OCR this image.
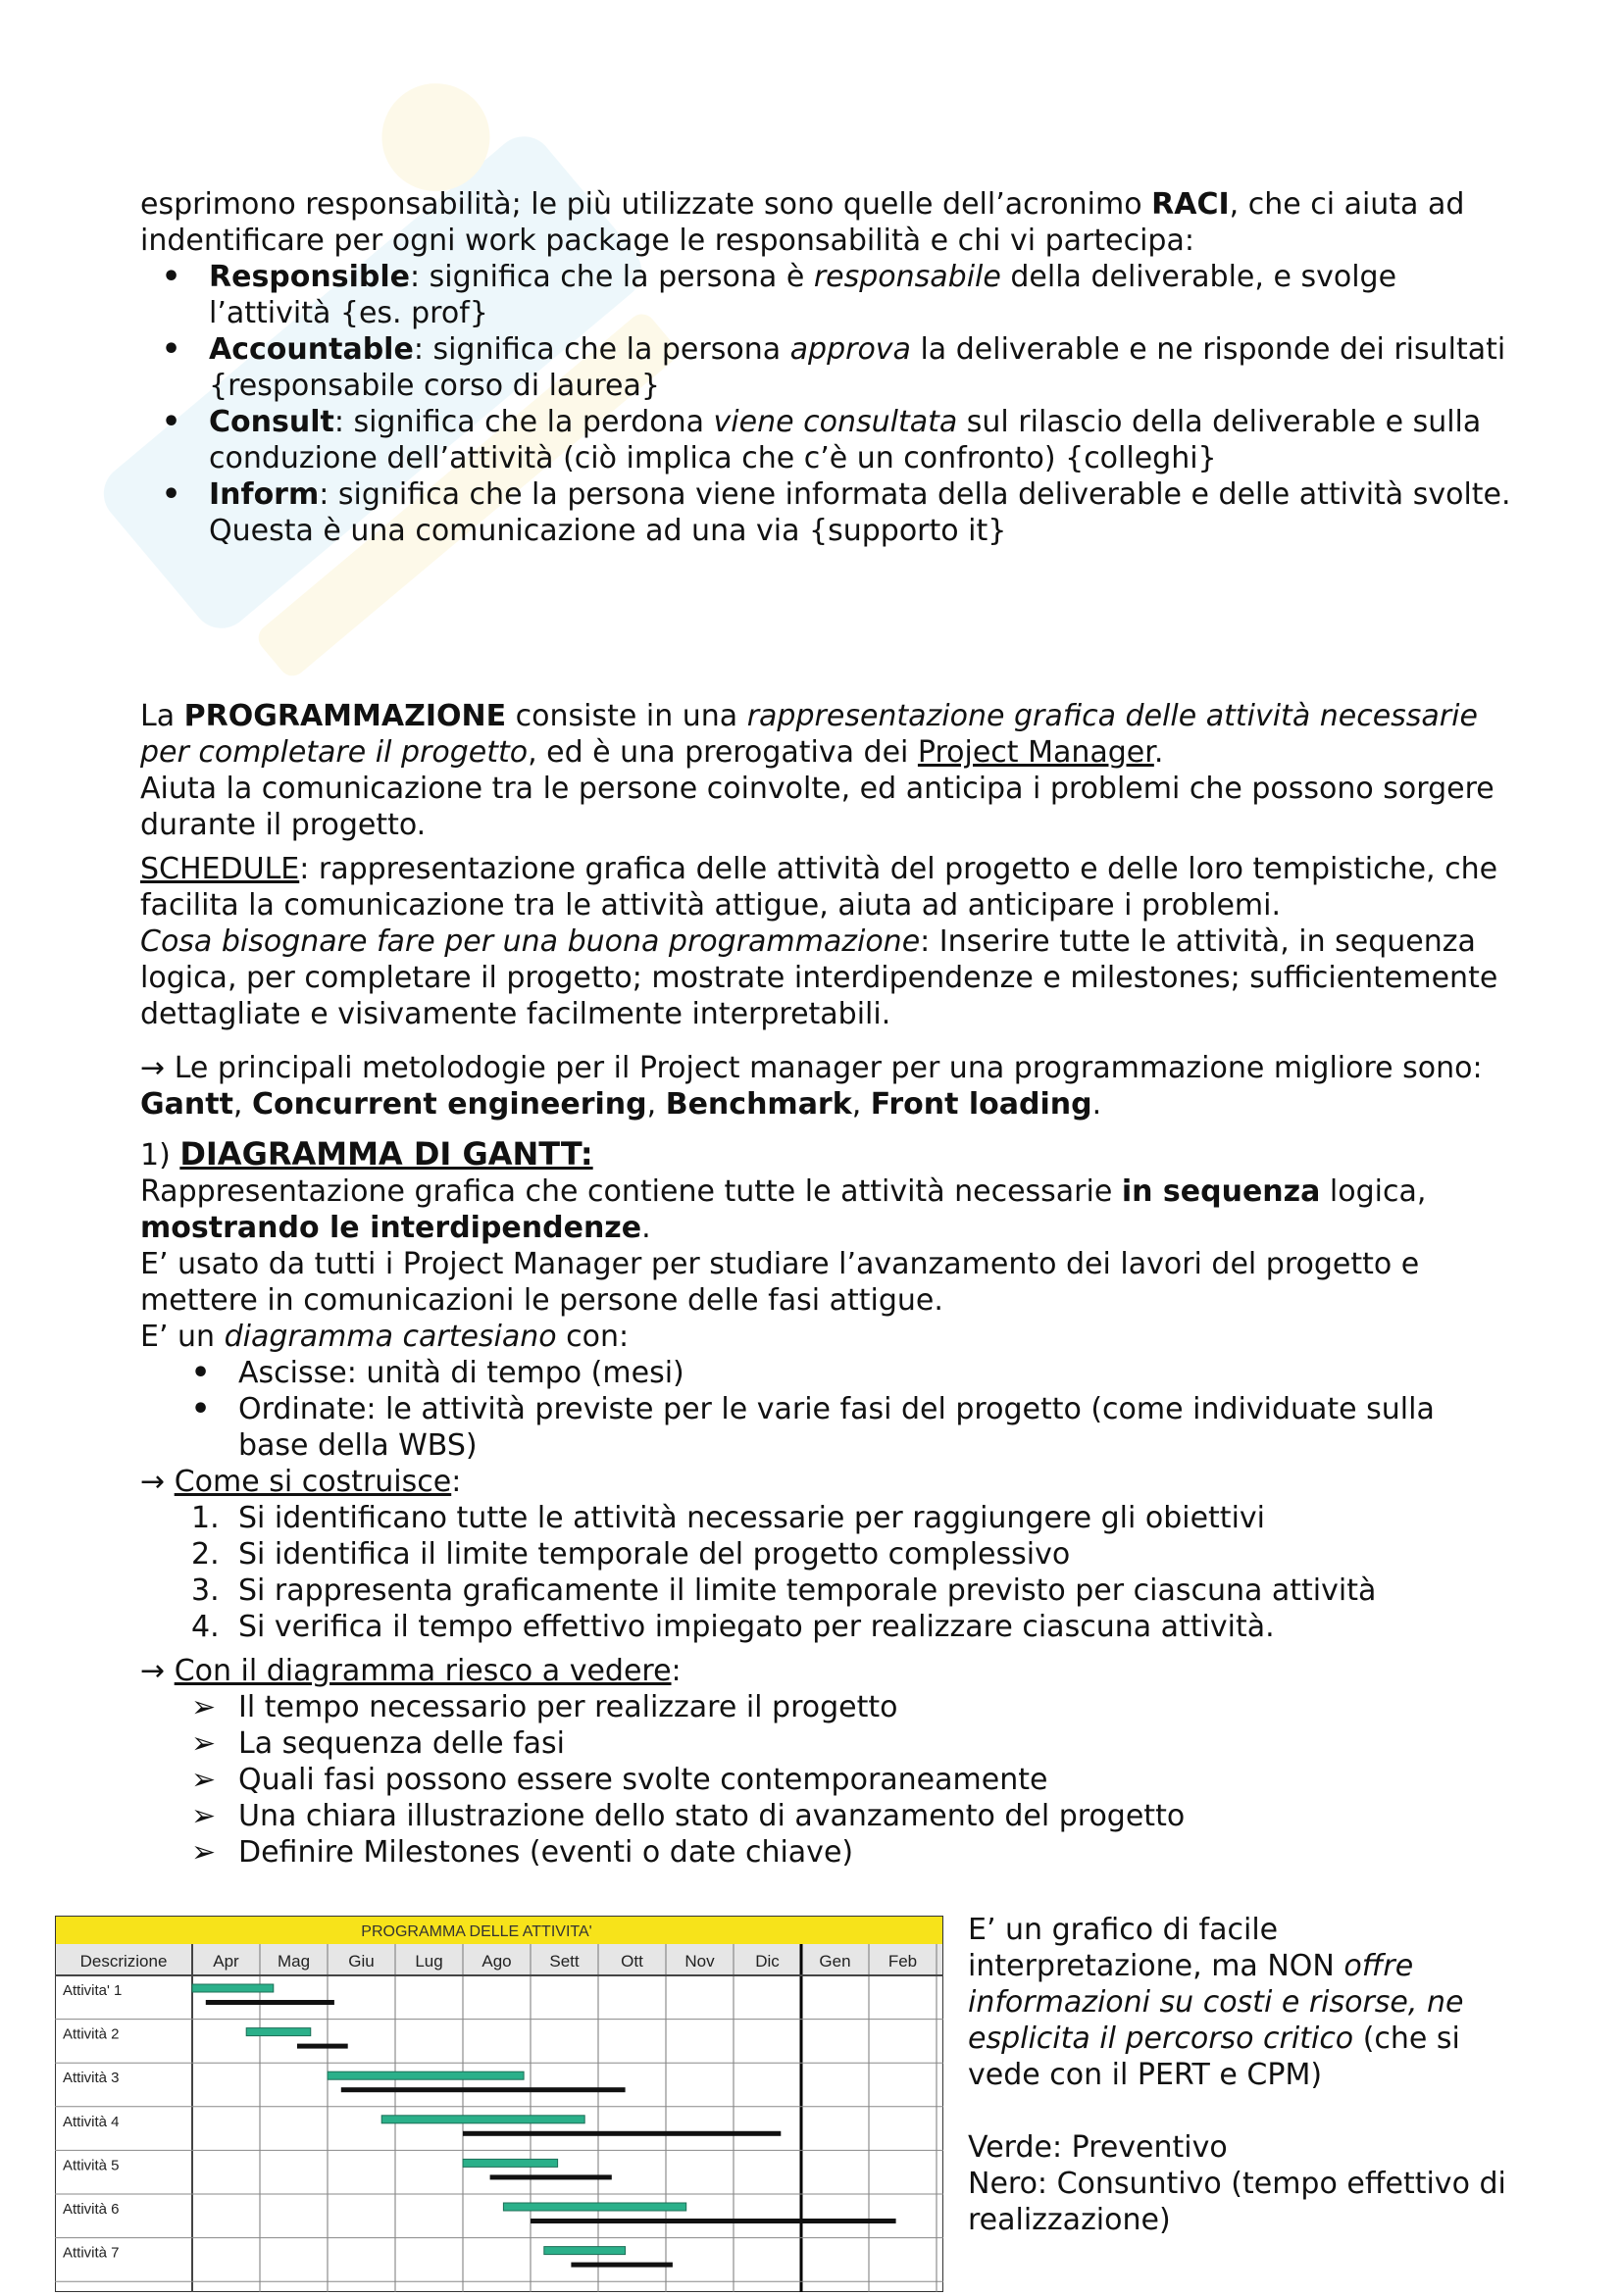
esprimono responsabilità; le più utilizzate sono quelle dell’acronimo RACI, che ci aiuta ad indentificare per ogni work package le responsabilità e chi vi partecipa:

• Responsible: significa che la persona è responsabile della deliverable, e svolge l’attività {es. prof}
• Accountable: significa che la persona approva la deliverable e ne risponde dei risultati {responsabile corso di laurea}
• Consult: significa che la perdona viene consultata sul rilascio della deliverable e sulla conduzione dell’attività (ciò implica che c’è un confronto) {colleghi}
• Inform: significa che la persona viene informata della deliverable e delle attività svolte. Questa è una comunicazione ad una via {supporto it}

La PROGRAMMAZIONE consiste in una rappresentazione grafica delle attività necessarie per completare il progetto, ed è una prerogativa dei Project Manager.

Aiuta la comunicazione tra le persone coinvolte, ed anticipa i problemi che possono sorgere durante il progetto.

SCHEDULE: rappresentazione grafica delle attività del progetto e delle loro tempistiche, che facilita la comunicazione tra le attività attigue, aiuta ad anticipare i problemi.

Cosa bisognare fare per una buona programmazione: Inserire tutte le attività, in sequenza logica, per completare il progetto; mostrate interdipendenze e milestones; sufficientemente dettagliate e visivamente facilmente interpretabili.

→ Le principali metolodogie per il Project manager per una programmazione migliore sono: Gantt, Concurrent engineering, Benchmark, Front loading.

1) DIAGRAMMA DI GANTT:

Rappresentazione grafica che contiene tutte le attività necessarie in sequenza logica, mostrando le interdipendenze.

E’ usato da tutti i Project Manager per studiare l’avanzamento dei lavori del progetto e mettere in comunicazioni le persone delle fasi attigue.

E’ un diagramma cartesiano con:

• Ascisse: unità di tempo (mesi)
• Ordinate: le attività previste per le varie fasi del progetto (come individuate sulla base della WBS)

→ Come si costruisce:

1. Si identificano tutte le attività necessarie per raggiungere gli obiettivi
2. Si identifica il limite temporale del progetto complessivo
3. Si rappresenta graficamente il limite temporale previsto per ciascuna attività
4. Si verifica il tempo effettivo impiegato per realizzare ciascuna attività.

→ Con il diagramma riesco a vedere:

➢ Il tempo necessario per realizzare il progetto
➢ La sequenza delle fasi
➢ Quali fasi possono essere svolte contemporaneamente
➢ Una chiara illustrazione dello stato di avanzamento del progetto
➢ Definire Milestones (eventi o date chiave)
PROGRAMMA DELLE ATTIVITA'
Descrizione	Apr Mag Giu Lug Ago Sett	Ott	Nov Dic Gen Feb
Attivita' 1
Attività 2
Attività 3
Attività 4
Attività 5
Attività 6
Attività 7

E’ un grafico di facile interpretazione, ma NON offre informazioni su costi e risorse, ne esplicita il percorso critico (che si vede con il PERT e CPM)

Verde: Preventivo

Nero: Consuntivo (tempo effettivo di realizzazione)
